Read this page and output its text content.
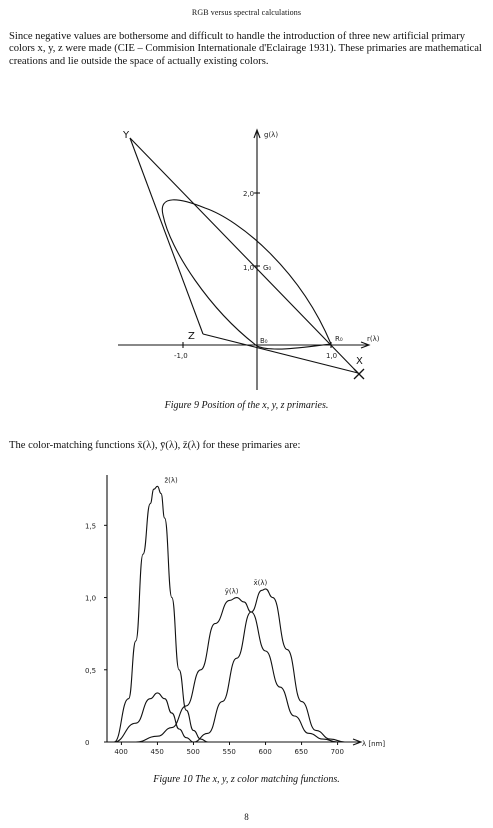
RGB versus spectral calculations

Since negative values are bothersome and difficult to handle the introduction of three new artificial primary colors x, y, z were made (CIE – Commision Internationale d'Eclairage 1931). These primaries are mathematical creations and lie outside the space of actually existing colors.

Y
Z
X
g(λ)
r(λ)
2,0
1,0
-1,0	1,0
G₀
B₀	R₀
Figure 9 Position of the x, y, z primaries.
The color-matching functions x̄(λ), ȳ(λ), z̄(λ) for these primaries are:
400	450	500	550	600	650	700
0
0,5
1,0
1,5
z̄(λ)
ȳ(λ)
x̄(λ)
λ [nm]
Figure 10 The x, y, z color matching functions.
8
